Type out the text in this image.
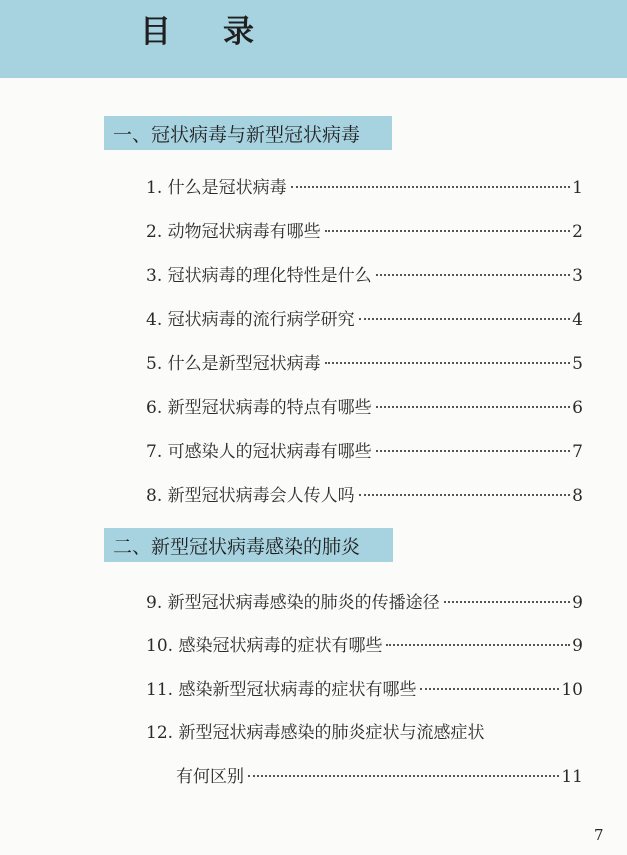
目 录
一、冠状病毒与新型冠状病毒
1. 什么是冠状病毒	1
2. 动物冠状病毒有哪些	2
3. 冠状病毒的理化特性是什么	3
4. 冠状病毒的流行病学研究	4
5. 什么是新型冠状病毒	5
6. 新型冠状病毒的特点有哪些	6
7. 可感染人的冠状病毒有哪些	7
8. 新型冠状病毒会人传人吗	8
二、新型冠状病毒感染的肺炎
9. 新型冠状病毒感染的肺炎的传播途径	9
10. 感染冠状病毒的症状有哪些	9
11. 感染新型冠状病毒的症状有哪些	10
12. 新型冠状病毒感染的肺炎症状与流感症状
有何区别	11
7
